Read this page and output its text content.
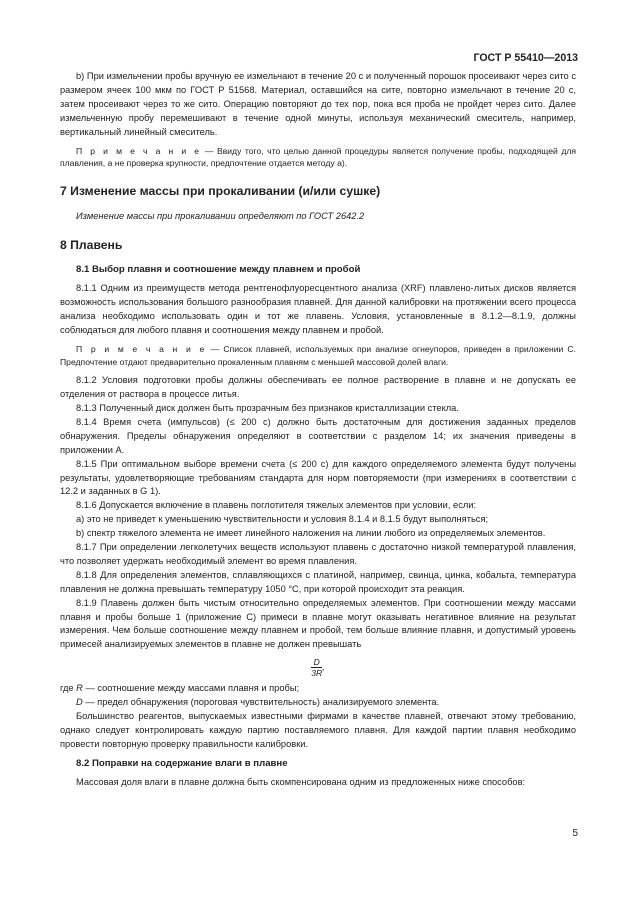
ГОСТ Р 55410—2013

b) При измельчении пробы вручную ее измельчают в течение 20 с и полученный порошок просеивают через сито с размером ячеек 100 мкм по ГОСТ Р 51568. Материал, оставшийся на сите, повторно измельчают в течение 20 с, затем просеивают через то же сито. Операцию повторяют до тех пор, пока вся проба не пройдет через сито. Далее измельченную пробу перемешивают в течение одной минуты, используя механический смеситель, например, вертикальный линейный смеситель.

П р и м е ч а н и е — Ввиду того, что целью данной процедуры является получение пробы, подходящей для плавления, а не проверка крупности, предпочтение отдается методу а).

7 Изменение массы при прокаливании (и/или сушке)

Изменение массы при прокаливании определяют по ГОСТ 2642.2

8 Плавень
8.1 Выбор плавня и соотношение между плавнем и пробой

8.1.1 Одним из преимуществ метода рентгенофлуоресцентного анализа (XRF) плавлено-литых дисков является возможность использования большого разнообразия плавней. Для данной калибровки на протяжении всего процесса анализа необходимо использовать один и тот же плавень. Условия, установленные в 8.1.2—8.1.9, должны соблюдаться для любого плавня и соотношения между плавнем и пробой.

П р и м е ч а н и е — Список плавней, используемых при анализе огнеупоров, приведен в приложении С. Предпочтение отдают предварительно прокаленным плавням с меньшей массовой долей влаги.

8.1.2 Условия подготовки пробы должны обеспечивать ее полное растворение в плавне и не допускать ее отделения от раствора в процессе литья.

8.1.3 Полученный диск должен быть прозрачным без признаков кристаллизации стекла.

8.1.4 Время счета (импульсов) (≤ 200 с) должно быть достаточным для достижения заданных пределов обнаружения. Пределы обнаружения определяют в соответствии с разделом 14; их значения приведены в приложении А.

8.1.5 При оптимальном выборе времени счета (≤ 200 с) для каждого определяемого элемента будут получены результаты, удовлетворяющие требованиям стандарта для норм повторяемости (при измерениях в соответствии с 12.2 и заданных в G 1).

8.1.6 Допускается включение в плавень поглотителя тяжелых элементов при условии, если:

а) это не приведет к уменьшению чувствительности и условия 8.1.4 и 8.1.5 будут выполняться;

b) спектр тяжелого элемента не имеет линейного наложения на линии любого из определяемых элементов.

8.1.7 При определении легколетучих веществ используют плавень с достаточно низкой температурой плавления, что позволяет удержать необходимый элемент во время плавления.

8.1.8 Для определения элементов, сплавляющихся с платиной, например, свинца, цинка, кобальта, температура плавления не должна превышать температуру 1050 °С, при которой происходит эта реакция.

8.1.9 Плавень должен быть чистым относительно определяемых элементов. При соотношении между массами плавня и пробы больше 1 (приложение С) примеси в плавне могут оказывать негативное влияние на результат измерения. Чем больше соотношение между плавнем и пробой, тем больше влияние плавня, и допустимый уровень примесей анализируемых элементов в плавне не должен превышать

$\frac{D}{3R}$ ,

где R — соотношение между массами плавня и пробы;

D — предел обнаружения (пороговая чувствительность) анализируемого элемента.

Большинство реагентов, выпускаемых известными фирмами в качестве плавней, отвечают этому требованию, однако следует контролировать каждую партию поставляемого плавня. Для каждой партии плавня необходимо провести повторную проверку правильности калибровки.

8.2 Поправки на содержание влаги в плавне

Массовая доля влаги в плавне должна быть скомпенсирована одним из предложенных ниже способов:

5
